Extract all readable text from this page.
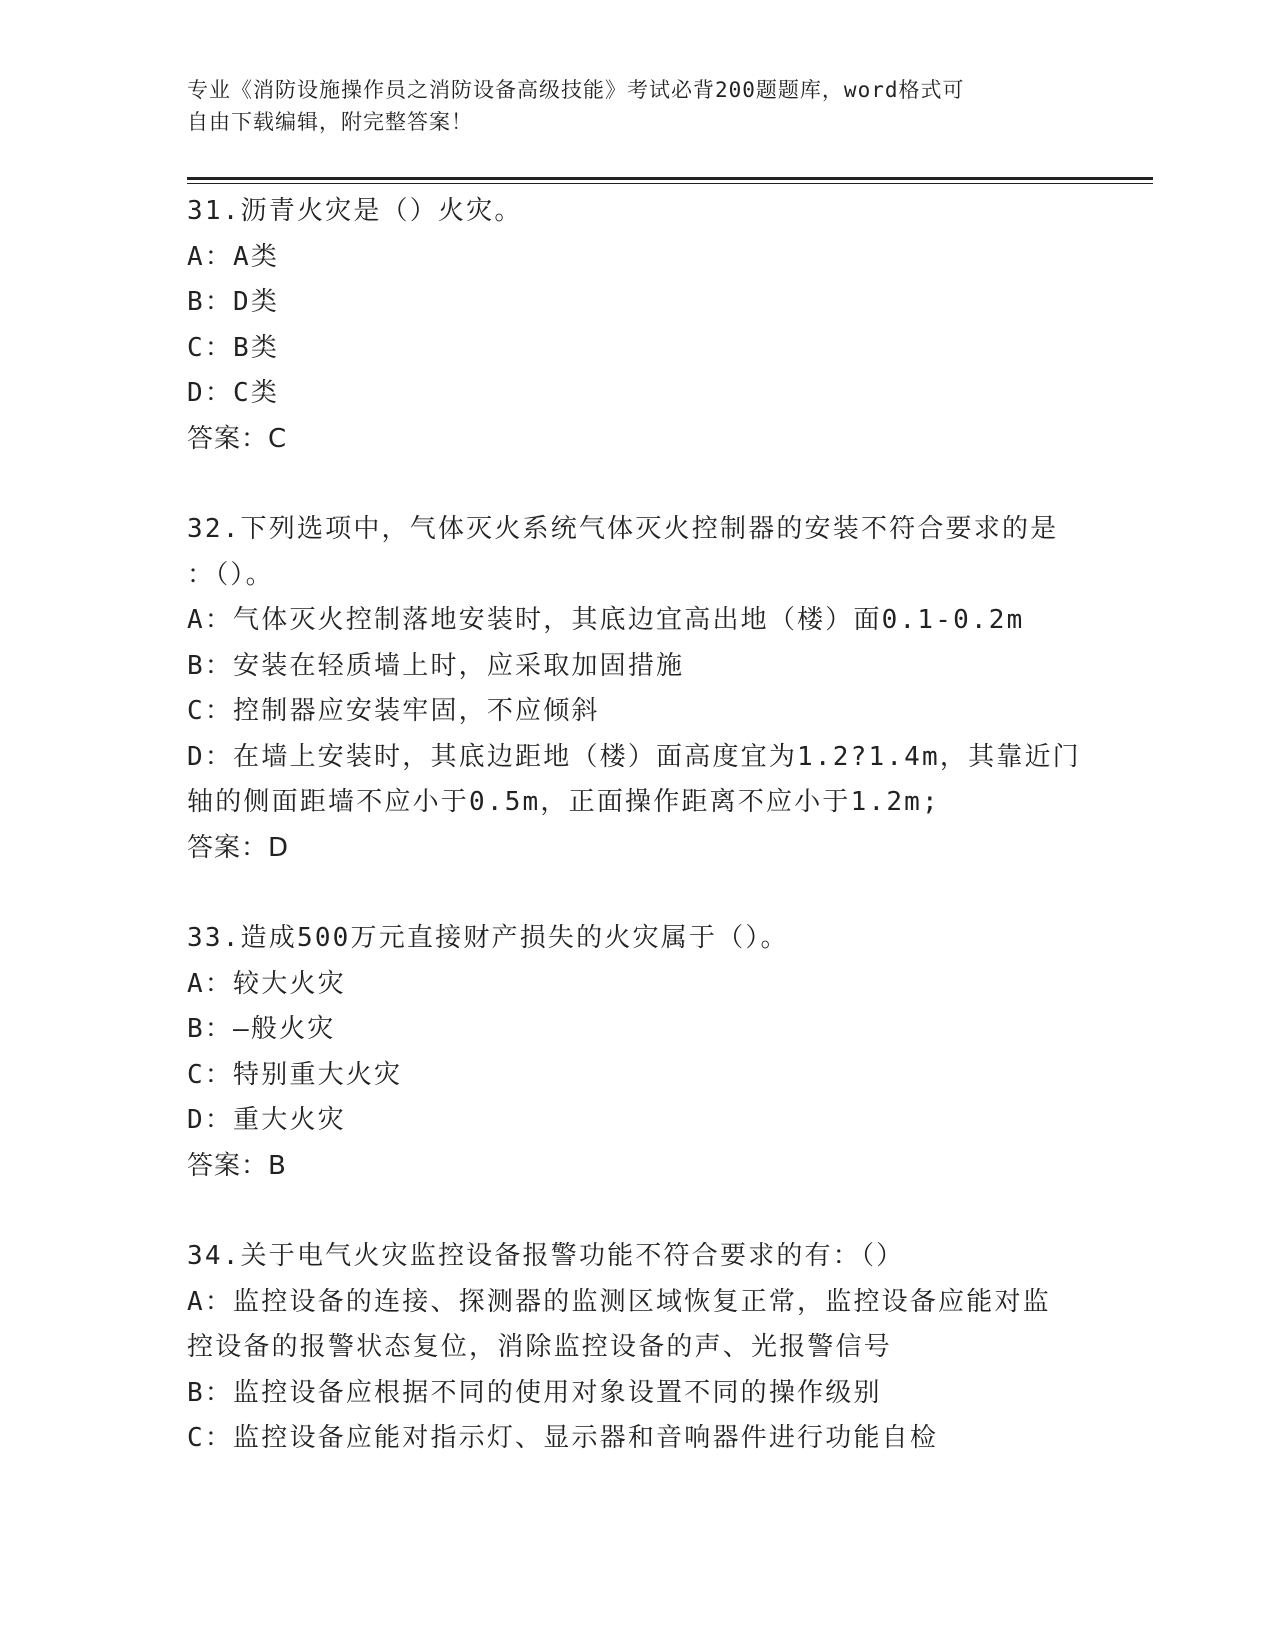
专业《消防设施操作员之消防设备高级技能》考试必背200题题库，word格式可
自由下载编辑，附完整答案！
31.沥青火灾是（）火灾。
A：A类
B：D类
C：B类
D：C类
答案：C
32.下列选项中，气体灭火系统气体灭火控制器的安装不符合要求的是
：（）。
A：气体灭火控制落地安装时，其底边宜高出地（楼）面0.1-0.2m
B：安装在轻质墙上时，应采取加固措施
C：控制器应安装牢固，不应倾斜
D：在墙上安装时，其底边距地（楼）面高度宜为1.2?1.4m，其靠近门
轴的侧面距墙不应小于0.5m，正面操作距离不应小于1.2m;
答案：D
33.造成500万元直接财产损失的火灾属于（）。
A：较大火灾
B：—般火灾
C：特别重大火灾
D：重大火灾
答案：B
34.关于电气火灾监控设备报警功能不符合要求的有：（）
A：监控设备的连接、探测器的监测区域恢复正常，监控设备应能对监
控设备的报警状态复位，消除监控设备的声、光报警信号
B：监控设备应根据不同的使用对象设置不同的操作级别
C：监控设备应能对指示灯、显示器和音响器件进行功能自检
